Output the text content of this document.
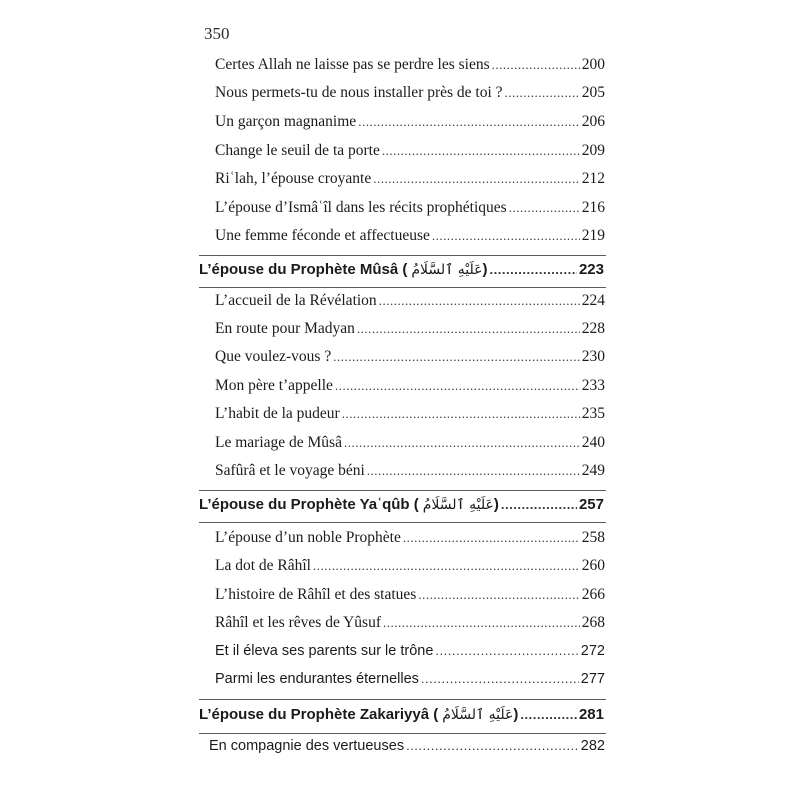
350
Certes Allah ne laisse pas se perdre les siens .....	200
Nous permets-tu de nous installer près de toi ? .....	205
Un garçon magnanime .....	206
Change le seuil de ta porte .....	209
Riʿlah, l’épouse croyante .....	212
L’épouse d’Ismâʿîl dans les récits prophétiques .....	216
Une femme féconde et affectueuse .....	219
L’épouse du Prophète Mûsâ ( عَلَيْهِ ٱلسَّلَامُ) .....	223
L’accueil de la Révélation .....	224
En route pour Madyan .....	228
Que voulez-vous ? .....	230
Mon père t’appelle .....	233
L’habit de la pudeur .....	235
Le mariage de Mûsâ .....	240
Safûrâ et le voyage béni .....	249
L’épouse du Prophète Yaʿqûb ( عَلَيْهِ ٱلسَّلَامُ) .....	257
L’épouse d’un noble Prophète .....	258
La dot de Râhîl .....	260
L’histoire de Râhîl et des statues .....	266
Râhîl et les rêves de Yûsuf .....	268
Et il éleva ses parents sur le trône .....	272
Parmi les endurantes éternelles .....	277
L’épouse du Prophète Zakariyyâ ( عَلَيْهِ ٱلسَّلَامُ) .....	281
En compagnie des vertueuses .....	282
